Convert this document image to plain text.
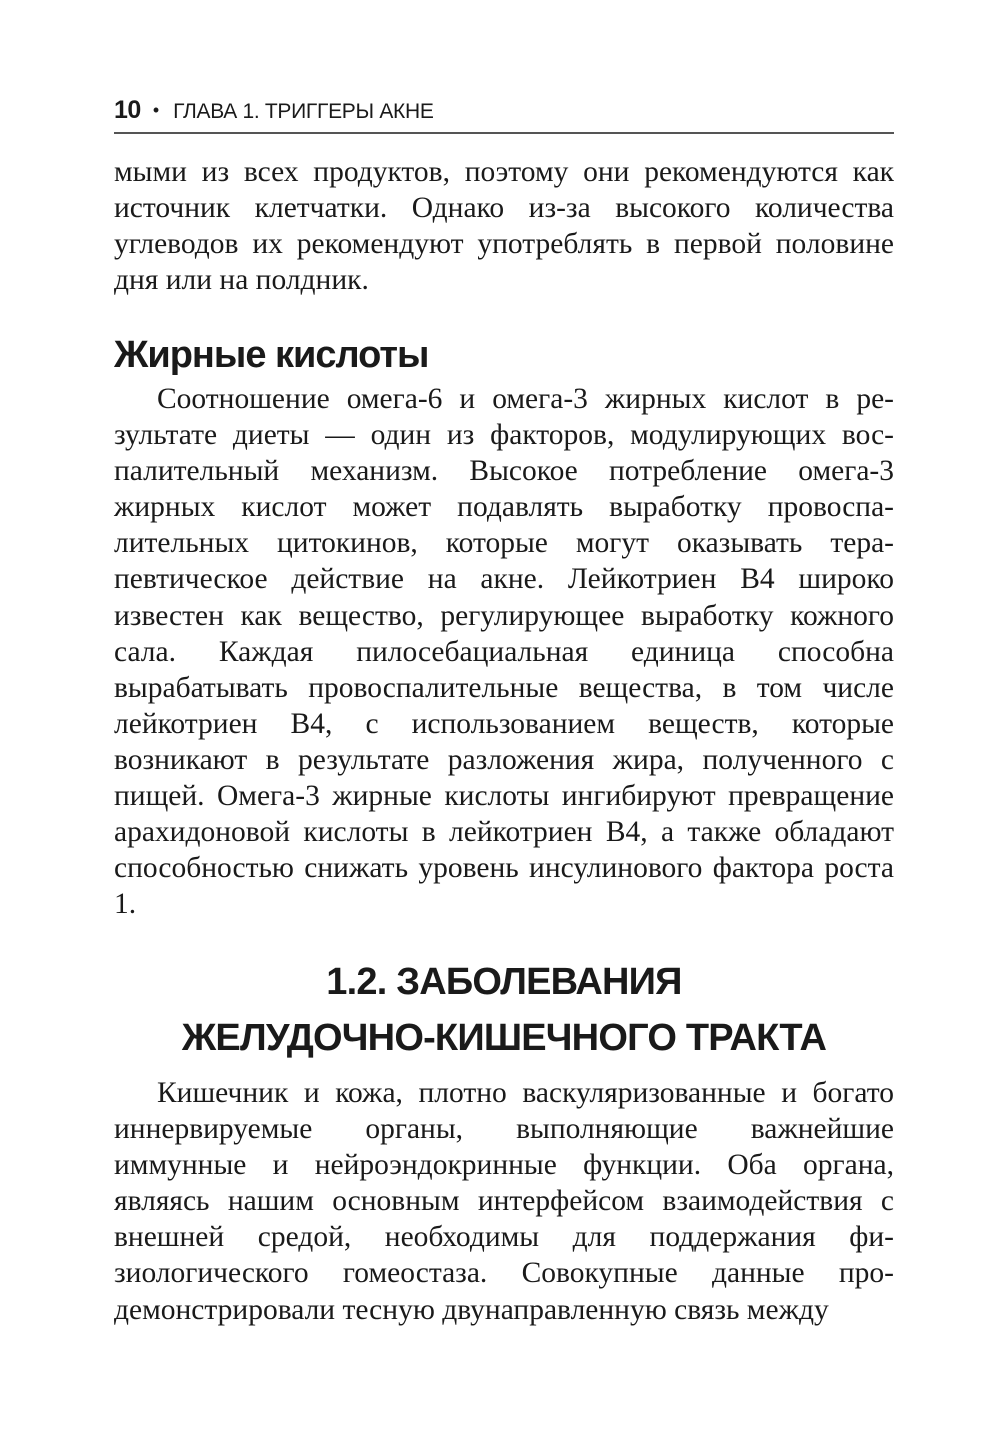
10 • ГЛАВА 1. ТРИГГЕРЫ АКНЕ

мыми из всех продуктов, поэтому они рекомендуются как источник клетчатки. Однако из-за высокого количества углеводов их рекомендуют употреблять в первой половине дня или на полдник.

Жирные кислоты

Соотношение омега-6 и омега-3 жирных кислот в результате диеты — один из факторов, модулирующих воспалительный механизм. Высокое потребление омега-3 жирных кислот может подавлять выработку провоспалительных цитокинов, которые могут оказывать терапевтическое действие на акне. Лейкотриен В4 широко известен как вещество, регулирующее выработку кожного сала. Каждая пилосебациальная единица способна вырабатывать провоспалительные вещества, в том числе лейкотриен В4, с использованием веществ, которые возникают в результате разложения жира, полученного с пищей. Омега-3 жирные кислоты ингибируют превращение арахидоновой кислоты в лейкотриен В4, а также обладают способностью снижать уровень инсулинового фактора роста 1.

1.2. ЗАБОЛЕВАНИЯ
ЖЕЛУДОЧНО-КИШЕЧНОГО ТРАКТА

Кишечник и кожа, плотно васкуляризованные и богато иннервируемые органы, выполняющие важнейшие иммунные и нейроэндокринные функции. Оба органа, являясь нашим основным интерфейсом взаимодействия с внешней средой, необходимы для поддержания физиологического гомеостаза. Совокупные данные продемонстрировали тесную двунаправленную связь между
